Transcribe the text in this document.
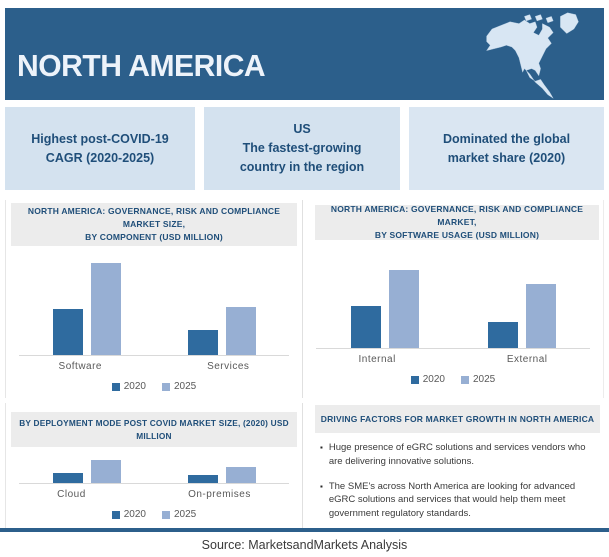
NORTH AMERICA
Highest post-COVID-19 CAGR (2020-2025)
US
The fastest-growing country in the region
Dominated the global market share (2020)
NORTH AMERICA: GOVERNANCE, RISK AND COMPLIANCE MARKET SIZE,
BY COMPONENT (USD MILLION)
Software	Services
2020	2025
NORTH AMERICA: GOVERNANCE, RISK AND COMPLIANCE MARKET,
BY SOFTWARE USAGE (USD MILLION)
Internal	External
2020	2025
BY DEPLOYMENT MODE POST COVID MARKET SIZE, (2020) USD MILLION
Cloud	On-premises
2020	2025
DRIVING FACTORS FOR MARKET GROWTH IN NORTH AMERICA
▪ Huge presence of eGRC solutions and services vendors who are delivering innovative solutions.
▪ The SME's across North America are looking for advanced eGRC solutions and services that would help them meet government regulatory standards.
Source: MarketsandMarkets Analysis
